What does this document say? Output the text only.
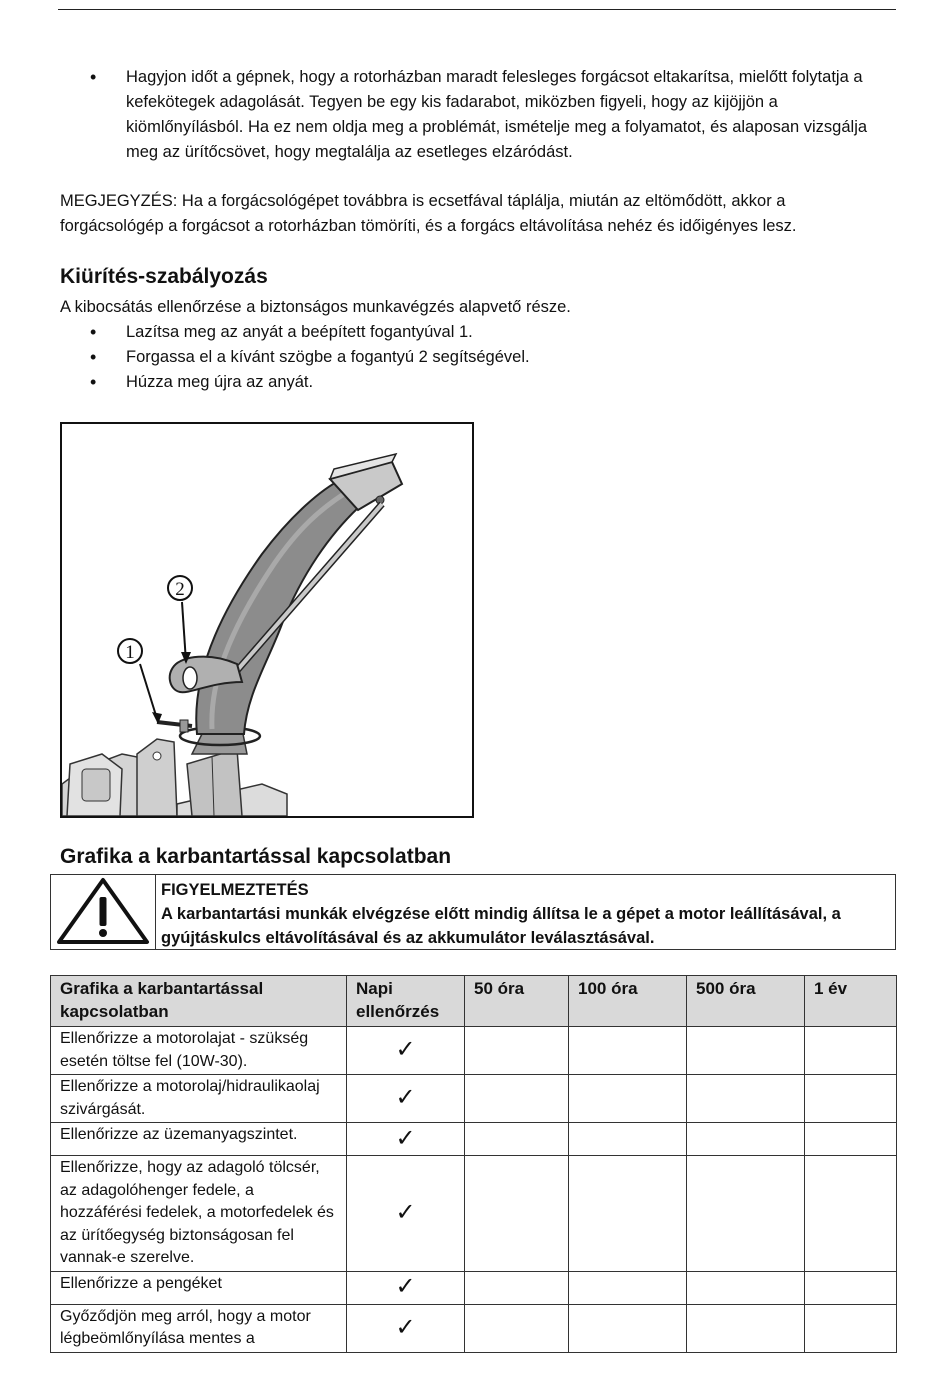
• Hagyjon időt a gépnek, hogy a rotorházban maradt felesleges forgácsot eltakarítsa, mielőtt folytatja a kefekötegek adagolását. Tegyen be egy kis fadarabot, miközben figyeli, hogy az kijöjjön a kiömlőnyílásból. Ha ez nem oldja meg a problémát, ismételje meg a folyamatot, és alaposan vizsgálja meg az ürítőcsövet, hogy megtalálja az esetleges elzáródást.

MEGJEGYZÉS: Ha a forgácsológépet továbbra is ecsetfával táplálja, miután az eltömődött, akkor a forgácsológép a forgácsot a rotorházban tömöríti, és a forgács eltávolítása nehéz és időigényes lesz.

Kiürítés-szabályozás

A kibocsátás ellenőrzése a biztonságos munkavégzés alapvető része.

• Lazítsa meg az anyát a beépített fogantyúval 1.
• Forgassa el a kívánt szögbe a fogantyú 2 segítségével.
• Húzza meg újra az anyát.
1
2
Grafika a karbantartással kapcsolatban
FIGYELMEZTETÉS
A karbantartási munkák elvégzése előtt mindig állítsa le a gépet a motor leállításával, a gyújtáskulcs eltávolításával és az akkumulátor leválasztásával.
Grafika a karbantartással kapcsolatban	Napi ellenőrzés	50 óra	100 óra	500 óra	1 év
Ellenőrizze a motorolajat - szükség esetén töltse fel (10W-30).	✓				
Ellenőrizze a motorolaj/hidraulikaolaj szivárgását.	✓				
Ellenőrizze az üzemanyagszintet.	✓				
Ellenőrizze, hogy az adagoló tölcsér, az adagolóhenger fedele, a hozzáférési fedelek, a motorfedelek és az ürítőegység biztonságosan fel vannak-e szerelve.	✓				
Ellenőrizze a pengéket	✓				
Győződjön meg arról, hogy a motor légbeömlőnyílása mentes a	✓				
